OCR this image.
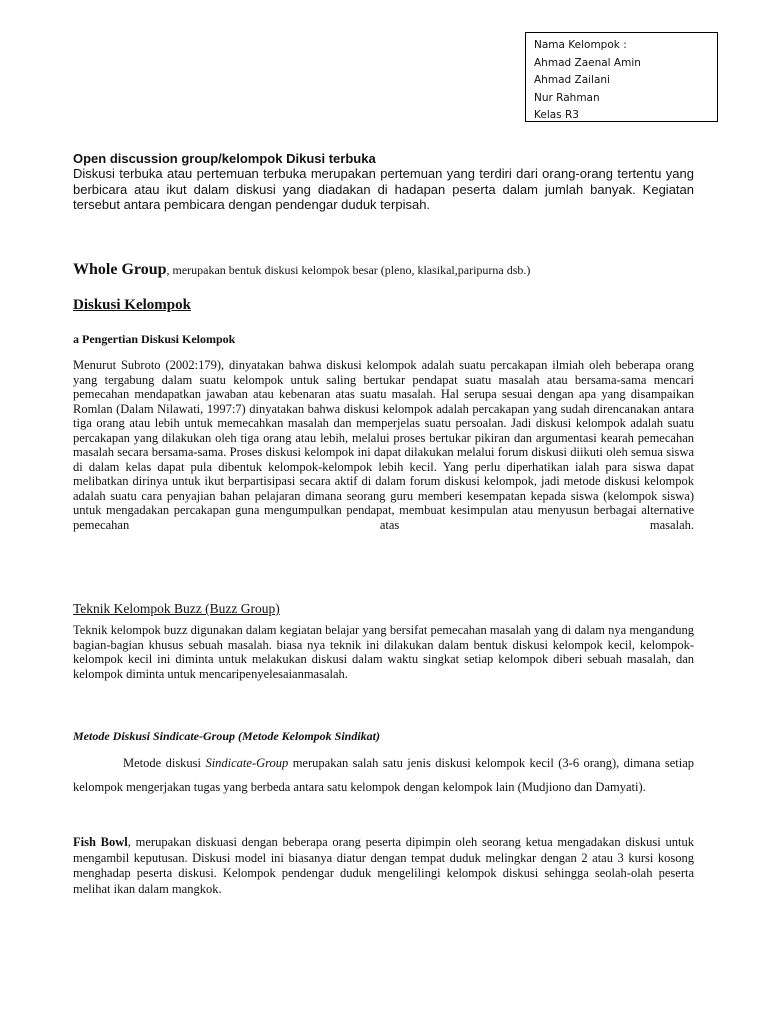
Nama Kelompok :
Ahmad Zaenal Amin
Ahmad Zailani
Nur Rahman
Kelas R3
Open discussion group/kelompok Dikusi terbuka
Diskusi terbuka atau pertemuan terbuka merupakan pertemuan yang terdiri dari orang-orang tertentu yang berbicara atau ikut dalam diskusi yang diadakan di hadapan peserta dalam jumlah banyak. Kegiatan tersebut antara pembicara dengan pendengar duduk terpisah.
Whole Group, merupakan bentuk diskusi kelompok besar (pleno, klasikal,paripurna dsb.)
Diskusi Kelompok
a Pengertian Diskusi Kelompok
Menurut Subroto (2002:179), dinyatakan bahwa diskusi kelompok adalah suatu percakapan ilmiah oleh beberapa orang yang tergabung dalam suatu kelompok untuk saling bertukar pendapat suatu masalah atau bersama-sama mencari pemecahan mendapatkan jawaban atau kebenaran atas suatu masalah. Hal serupa sesuai dengan apa yang disampaikan Romlan (Dalam Nilawati, 1997:7) dinyatakan bahwa diskusi kelompok adalah percakapan yang sudah direncanakan antara tiga orang atau lebih untuk memecahkan masalah dan memperjelas suatu persoalan. Jadi diskusi kelompok adalah suatu percakapan yang dilakukan oleh tiga orang atau lebih, melalui proses bertukar pikiran dan argumentasi kearah pemecahan masalah secara bersama-sama. Proses diskusi kelompok ini dapat dilakukan melalui forum diskusi diikuti oleh semua siswa di dalam kelas dapat pula dibentuk kelompok-kelompok lebih kecil. Yang perlu diperhatikan ialah para siswa dapat melibatkan dirinya untuk ikut berpartisipasi secara aktif di dalam forum diskusi kelompok, jadi metode diskusi kelompok adalah suatu cara penyajian bahan pelajaran dimana seorang guru memberi kesempatan kepada siswa (kelompok siswa) untuk mengadakan percakapan guna mengumpulkan pendapat, membuat kesimpulan atau menyusun berbagai alternative pemecahan atas masalah.
Teknik Kelompok Buzz (Buzz Group)
Teknik kelompok buzz digunakan dalam kegiatan belajar yang bersifat pemecahan masalah yang di dalam nya mengandung bagian-bagian khusus sebuah masalah. biasa nya teknik ini dilakukan dalam bentuk diskusi kelompok kecil, kelompok-kelompok kecil ini diminta untuk melakukan diskusi dalam waktu singkat setiap kelompok diberi sebuah masalah, dan kelompok diminta untuk mencaripenyelesaianmasalah.
Metode Diskusi Sindicate-Group (Metode Kelompok Sindikat)
Metode diskusi Sindicate-Group merupakan salah satu jenis diskusi kelompok kecil (3-6 orang), dimana setiap kelompok mengerjakan tugas yang berbeda antara satu kelompok dengan kelompok lain (Mudjiono dan Damyati).
Fish Bowl, merupakan diskuasi dengan beberapa orang peserta dipimpin oleh seorang ketua mengadakan diskusi untuk mengambil keputusan. Diskusi model ini biasanya diatur dengan tempat duduk melingkar dengan 2 atau 3 kursi kosong menghadap peserta diskusi. Kelompok pendengar duduk mengelilingi kelompok diskusi sehingga seolah-olah peserta melihat ikan dalam mangkok.
